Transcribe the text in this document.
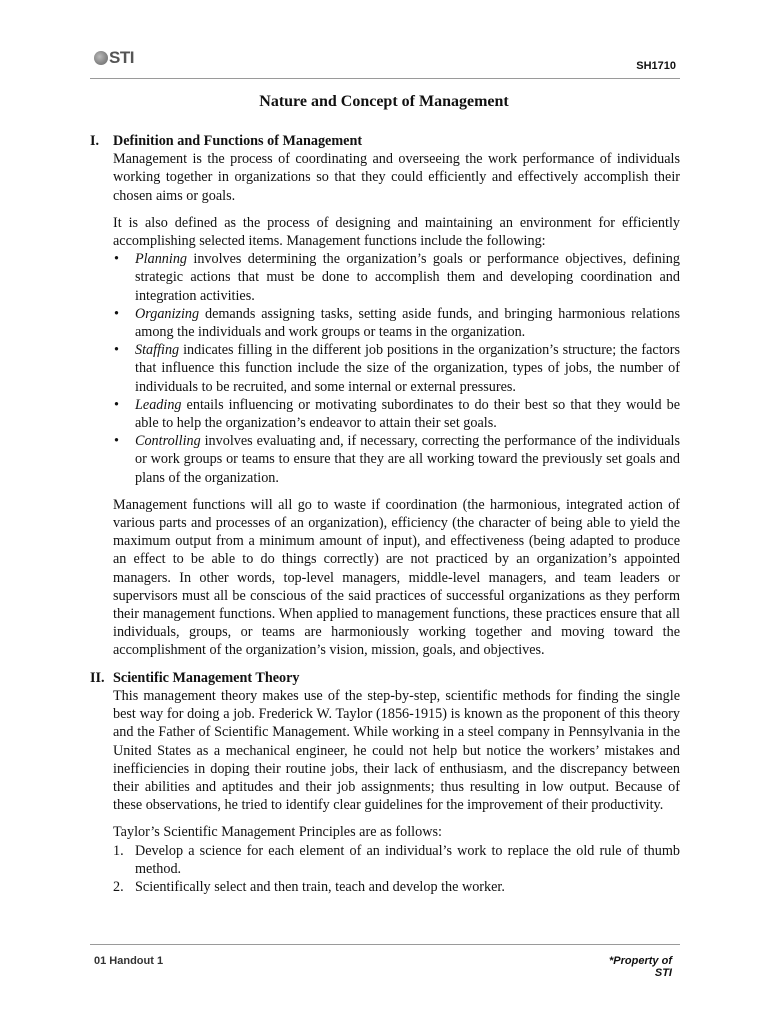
STI	SH1710
Nature and Concept of Management
I. Definition and Functions of Management

Management is the process of coordinating and overseeing the work performance of individuals working together in organizations so that they could efficiently and effectively accomplish their chosen aims or goals.

It is also defined as the process of designing and maintaining an environment for efficiently accomplishing selected items. Management functions include the following:

• Planning involves determining the organization’s goals or performance objectives, defining strategic actions that must be done to accomplish them and developing coordination and integration activities.
• Organizing demands assigning tasks, setting aside funds, and bringing harmonious relations among the individuals and work groups or teams in the organization.
• Staffing indicates filling in the different job positions in the organization’s structure; the factors that influence this function include the size of the organization, types of jobs, the number of individuals to be recruited, and some internal or external pressures.
• Leading entails influencing or motivating subordinates to do their best so that they would be able to help the organization’s endeavor to attain their set goals.
• Controlling involves evaluating and, if necessary, correcting the performance of the individuals or work groups or teams to ensure that they are all working toward the previously set goals and plans of the organization.

Management functions will all go to waste if coordination (the harmonious, integrated action of various parts and processes of an organization), efficiency (the character of being able to yield the maximum output from a minimum amount of input), and effectiveness (being adapted to produce an effect to be able to do things correctly) are not practiced by an organization’s appointed managers. In other words, top-level managers, middle-level managers, and team leaders or supervisors must all be conscious of the said practices of successful organizations as they perform their management functions. When applied to management functions, these practices ensure that all individuals, groups, or teams are harmoniously working together and moving toward the accomplishment of the organization’s vision, mission, goals, and objectives.

II. Scientific Management Theory

This management theory makes use of the step-by-step, scientific methods for finding the single best way for doing a job. Frederick W. Taylor (1856-1915) is known as the proponent of this theory and the Father of Scientific Management. While working in a steel company in Pennsylvania in the United States as a mechanical engineer, he could not help but notice the workers’ mistakes and inefficiencies in doping their routine jobs, their lack of enthusiasm, and the discrepancy between their abilities and aptitudes and their job assignments; thus resulting in low output. Because of these observations, he tried to identify clear guidelines for the improvement of their productivity.

Taylor’s Scientific Management Principles are as follows:

1. Develop a science for each element of an individual’s work to replace the old rule of thumb method.
2. Scientifically select and then train, teach and develop the worker.
01 Handout 1	*Property of
STI
